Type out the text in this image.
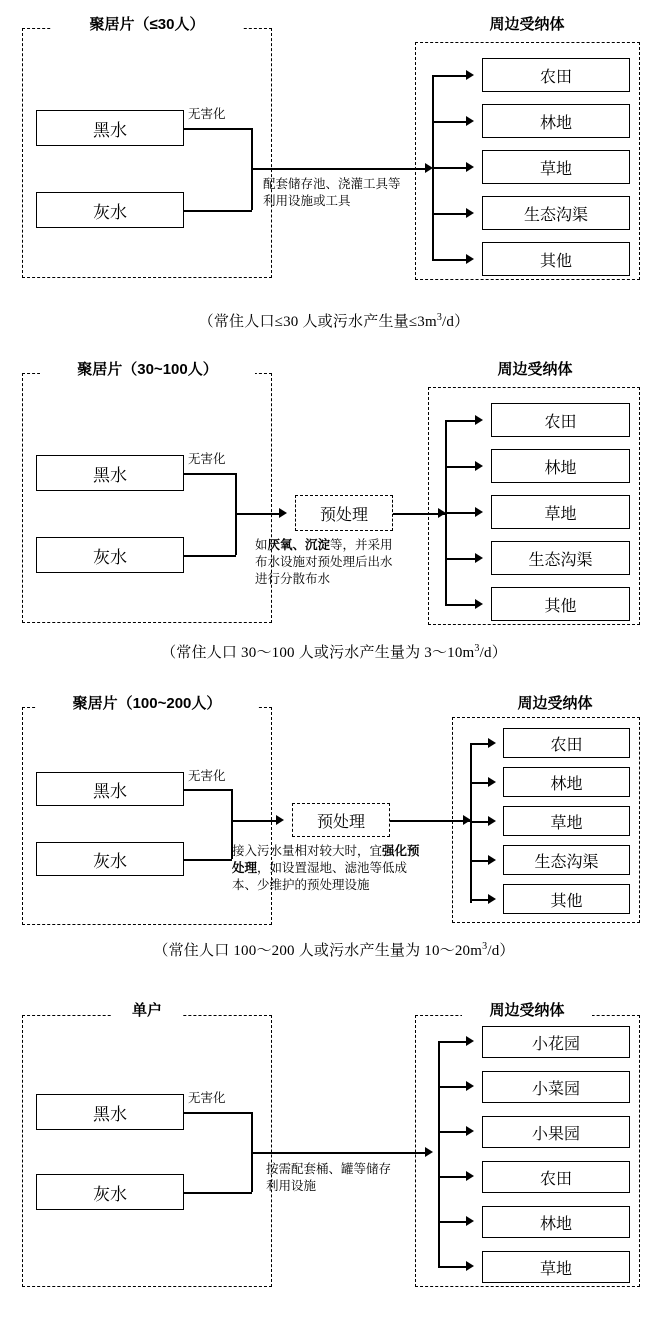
聚居片（≤30人）	周边受纳体
黑水
灰水
无害化
配套储存池、浇灌工具等利用设施或工具
农田
林地
草地
生态沟渠
其他
（常住人口≤30 人或污水产生量$\le 3m^3/d$）
聚居片（30~100人）	周边受纳体
黑水
灰水
无害化
预处理
如厌氧、沉淀等，并采用布水设施对预处理后出水进行分散布水
农田
林地
草地
生态沟渠
其他
（常住人口 30～100 人或污水产生量为 $3\sim 10m^3/d$）
聚居片（100~200人）	周边受纳体
黑水
灰水
无害化
预处理
接入污水量相对较大时，宜强化预处理，如设置湿地、滤池等低成本、少维护的预处理设施
农田
林地
草地
生态沟渠
其他
（常住人口 100～200 人或污水产生量为 $10\sim 20m^3/d$）
单户	周边受纳体
黑水
灰水
无害化
按需配套桶、罐等储存利用设施
小花园
小菜园
小果园
农田
林地
草地
